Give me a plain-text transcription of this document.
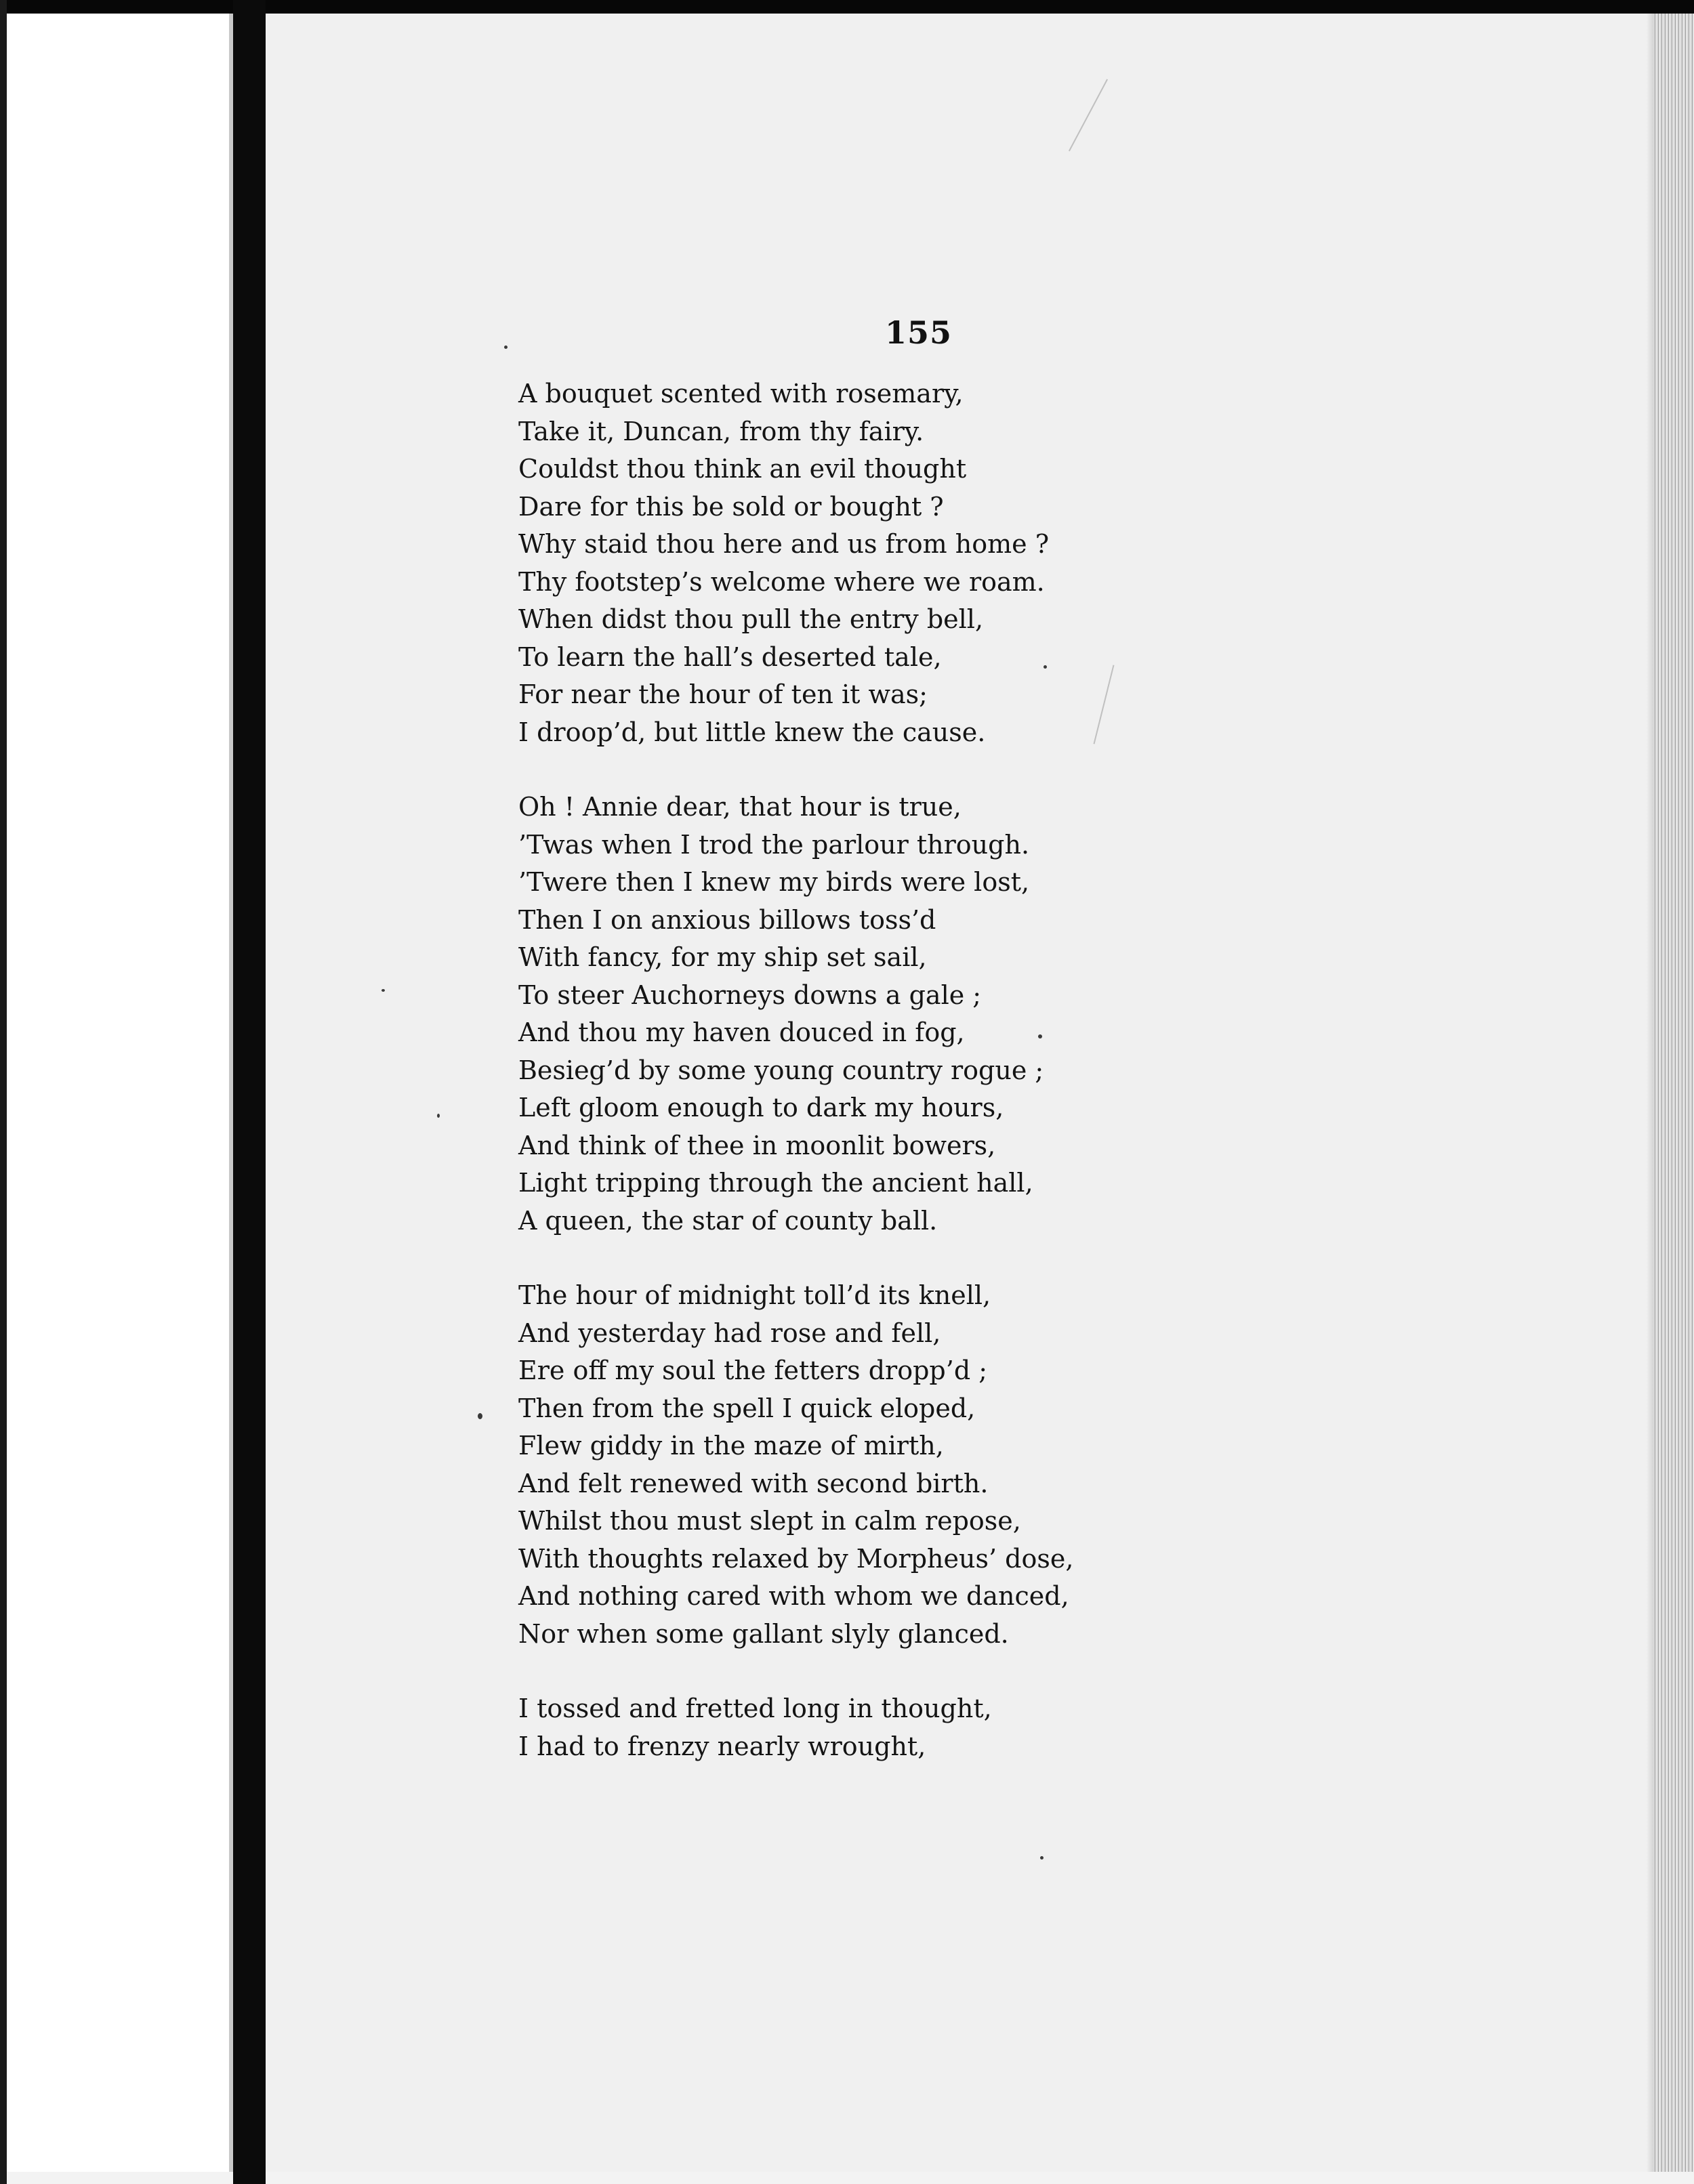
155
A bouquet scented with rosemary,
Take it, Duncan, from thy fairy.
Couldst thou think an evil thought
Dare for this be sold or bought ?
Why staid thou here and us from home ?
Thy footstep’s welcome where we roam.
When didst thou pull the entry bell,
To learn the hall’s deserted tale,
For near the hour of ten it was;
I droop’d, but little knew the cause.
Oh ! Annie dear, that hour is true,
’Twas when I trod the parlour through.
’Twere then I knew my birds were lost,
Then I on anxious billows toss’d
With fancy, for my ship set sail,
To steer Auchorneys downs a gale ;
And thou my haven douced in fog,
Besieg’d by some young country rogue ;
Left gloom enough to dark my hours,
And think of thee in moonlit bowers,
Light tripping through the ancient hall,
A queen, the star of county ball.
The hour of midnight toll’d its knell,
And yesterday had rose and fell,
Ere off my soul the fetters dropp’d ;
Then from the spell I quick eloped,
Flew giddy in the maze of mirth,
And felt renewed with second birth.
Whilst thou must slept in calm repose,
With thoughts relaxed by Morpheus’ dose,
And nothing cared with whom we danced,
Nor when some gallant slyly glanced.
I tossed and fretted long in thought,
I had to frenzy nearly wrought,
